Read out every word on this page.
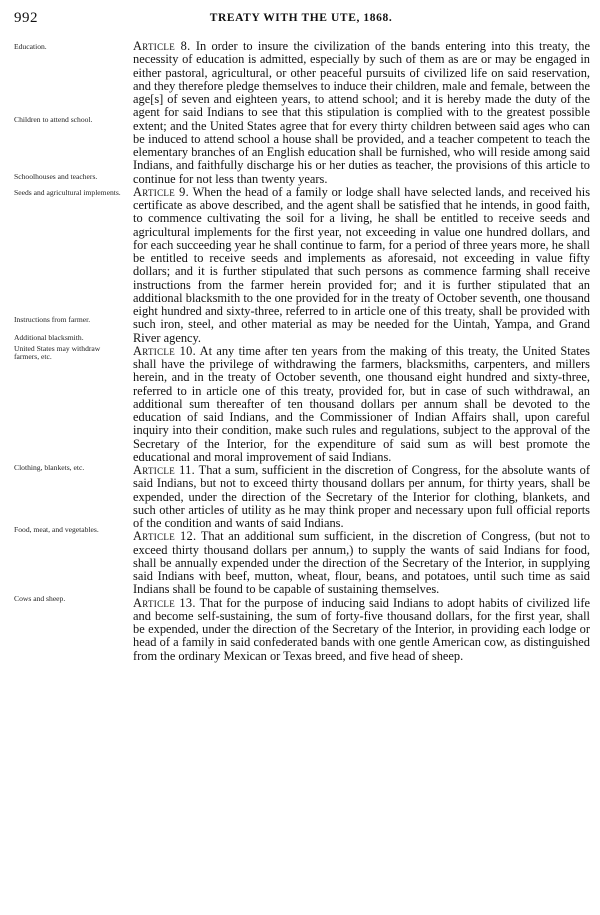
992	TREATY WITH THE UTE, 1868.
Education.
Children to attend school.
Schoolhouses and teachers.

Article 8. In order to insure the civilization of the bands entering into this treaty, the necessity of education is admitted, especially by such of them as are or may be engaged in either pastoral, agricultural, or other peaceful pursuits of civilized life on said reservation, and they therefore pledge themselves to induce their children, male and female, between the age[s] of seven and eighteen years, to attend school; and it is hereby made the duty of the agent for said Indians to see that this stipulation is complied with to the greatest possible extent; and the United States agree that for every thirty children between said ages who can be induced to attend school a house shall be provided, and a teacher competent to teach the elementary branches of an English education shall be furnished, who will reside among said Indians, and faithfully discharge his or her duties as teacher, the provisions of this article to continue for not less than twenty years.

Seeds and agricultural implements.
Instructions from farmer.
Additional blacksmith.

Article 9. When the head of a family or lodge shall have selected lands, and received his certificate as above described, and the agent shall be satisfied that he intends, in good faith, to commence cultivating the soil for a living, he shall be entitled to receive seeds and agricultural implements for the first year, not exceeding in value one hundred dollars, and for each succeeding year he shall continue to farm, for a period of three years more, he shall be entitled to receive seeds and implements as aforesaid, not exceeding in value fifty dollars; and it is further stipulated that such persons as commence farming shall receive instructions from the farmer herein provided for; and it is further stipulated that an additional blacksmith to the one provided for in the treaty of October seventh, one thousand eight hundred and sixty-three, referred to in article one of this treaty, shall be provided with such iron, steel, and other material as may be needed for the Uintah, Yampa, and Grand River agency.

United States may withdraw farmers, etc.	Article 10. At any time after ten years from the making of this treaty, the United States shall have the privilege of withdrawing the farmers, blacksmiths, carpenters, and millers herein, and in the treaty of October seventh, one thousand eight hundred and sixty-three, referred to in article one of this treaty, provided for, but in case of such withdrawal, an additional sum thereafter of ten thousand dollars per annum shall be devoted to the education of said Indians, and the Commissioner of Indian Affairs shall, upon careful inquiry into their condition, make such rules and regulations, subject to the approval of the Secretary of the Interior, for the expenditure of said sum as will best promote the educational and moral improvement of said Indians.

Clothing, blankets, etc.	Article 11. That a sum, sufficient in the discretion of Congress, for the absolute wants of said Indians, but not to exceed thirty thousand dollars per annum, for thirty years, shall be expended, under the direction of the Secretary of the Interior for clothing, blankets, and such other articles of utility as he may think proper and necessary upon full official reports of the condition and wants of said Indians.

Food, meat, and vegetables.	Article 12. That an additional sum sufficient, in the discretion of Congress, (but not to exceed thirty thousand dollars per annum,) to supply the wants of said Indians for food, shall be annually expended under the direction of the Secretary of the Interior, in supplying said Indians with beef, mutton, wheat, flour, beans, and potatoes, until such time as said Indians shall be found to be capable of sustaining themselves.

Cows and sheep.	Article 13. That for the purpose of inducing said Indians to adopt habits of civilized life and become self-sustaining, the sum of forty-five thousand dollars, for the first year, shall be expended, under the direction of the Secretary of the Interior, in providing each lodge or head of a family in said confederated bands with one gentle American cow, as distinguished from the ordinary Mexican or Texas breed, and five head of sheep.
